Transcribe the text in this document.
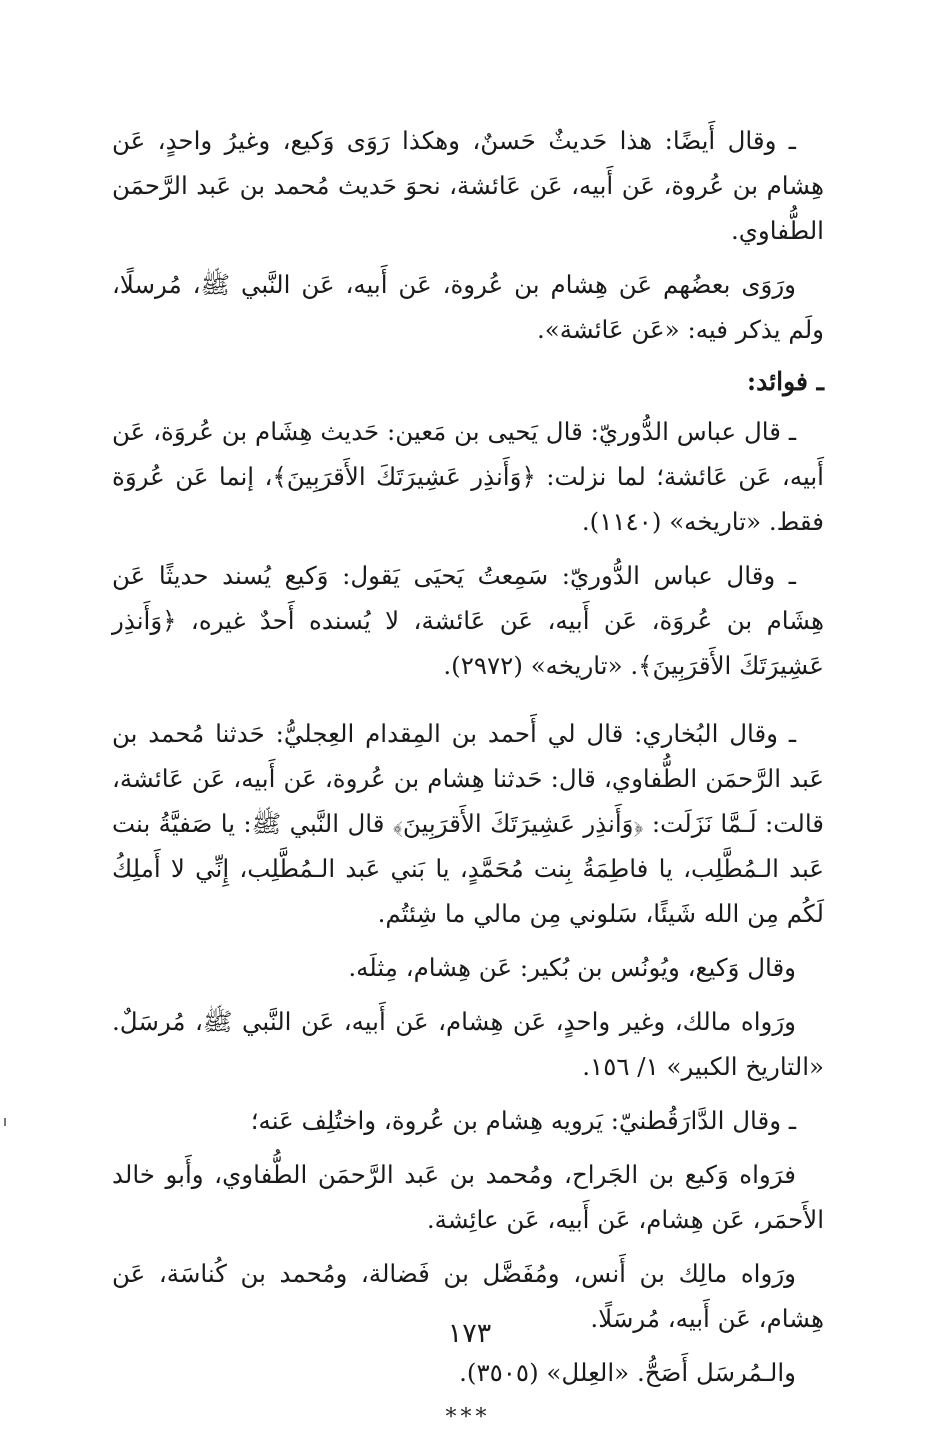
ـ وقال أَيضًا: هذا حَديثٌ حَسنٌ، وهكذا رَوَى وَكيع، وغيرُ واحدٍ، عَن هِشام بن عُروة، عَن أَبيه، عَن عَائشة، نحوَ حَديث مُحمد بن عَبد الرَّحمَن الطُّفاوي.

ورَوَى بعضُهم عَن هِشام بن عُروة، عَن أَبيه، عَن النَّبي ﷺ، مُرسلًا، ولَم يذكر فيه: «عَن عَائشة».

ـ فوائد:

ـ قال عباس الدُّوريّ: قال يَحيى بن مَعين: حَديث هِشَام بن عُروَة، عَن أَبيه، عَن عَائشة؛ لما نزلت: ﴿وَأَنذِر عَشِيرَتَكَ الأَقرَبِينَ﴾، إنما عَن عُروَة فقط. «تاريخه» (١١٤٠).

ـ وقال عباس الدُّوريّ: سَمِعتُ يَحيَى يَقول: وَكيع يُسند حديثًا عَن هِشَام بن عُروَة، عَن أَبيه، عَن عَائشة، لا يُسنده أَحدٌ غيره، ﴿وَأَنذِر عَشِيرَتَكَ الأَقرَبِينَ﴾. «تاريخه» (٢٩٧٢).

ـ وقال البُخاري: قال لي أَحمد بن المِقدام العِجليُّ: حَدثنا مُحمد بن عَبد الرَّحمَن الطُّفاوي، قال: حَدثنا هِشام بن عُروة، عَن أَبيه، عَن عَائشة، قالت: لَـمَّا نَزَلَت: ﴿وَأَنذِر عَشِيرَتَكَ الأَقرَبِينَ﴾ قال النَّبي ﷺ: يا صَفيَّةُ بنت عَبد الـمُطَّلِب، يا فاطِمَةُ بِنت مُحَمَّدٍ، يا بَني عَبد الـمُطَّلِب، إِنِّي لا أَملِكُ لَكُم مِن الله شَيئًا، سَلوني مِن مالي ما شِئتُم.

وقال وَكيع، ويُونُس بن بُكير: عَن هِشام، مِثلَه.

ورَواه مالك، وغير واحدٍ، عَن هِشام، عَن أَبيه، عَن النَّبي ﷺ، مُرسَلٌ. «التاريخ الكبير» ١/ ١٥٦.

ـ وقال الدَّارَقُطنيّ: يَرويه هِشام بن عُروة، واختُلِف عَنه؛

فرَواه وَكيع بن الجَراح، ومُحمد بن عَبد الرَّحمَن الطُّفاوي، وأَبو خالد الأَحمَر، عَن هِشام، عَن أَبيه، عَن عائِشة.

ورَواه مالِك بن أَنس، ومُفَضَّل بن فَضالة، ومُحمد بن كُناسَة، عَن هِشام، عَن أَبيه، مُرسَلًا.

والـمُرسَل أَصَحُّ. «العِلل» (٣٥٠٥).

***
١٧٣
